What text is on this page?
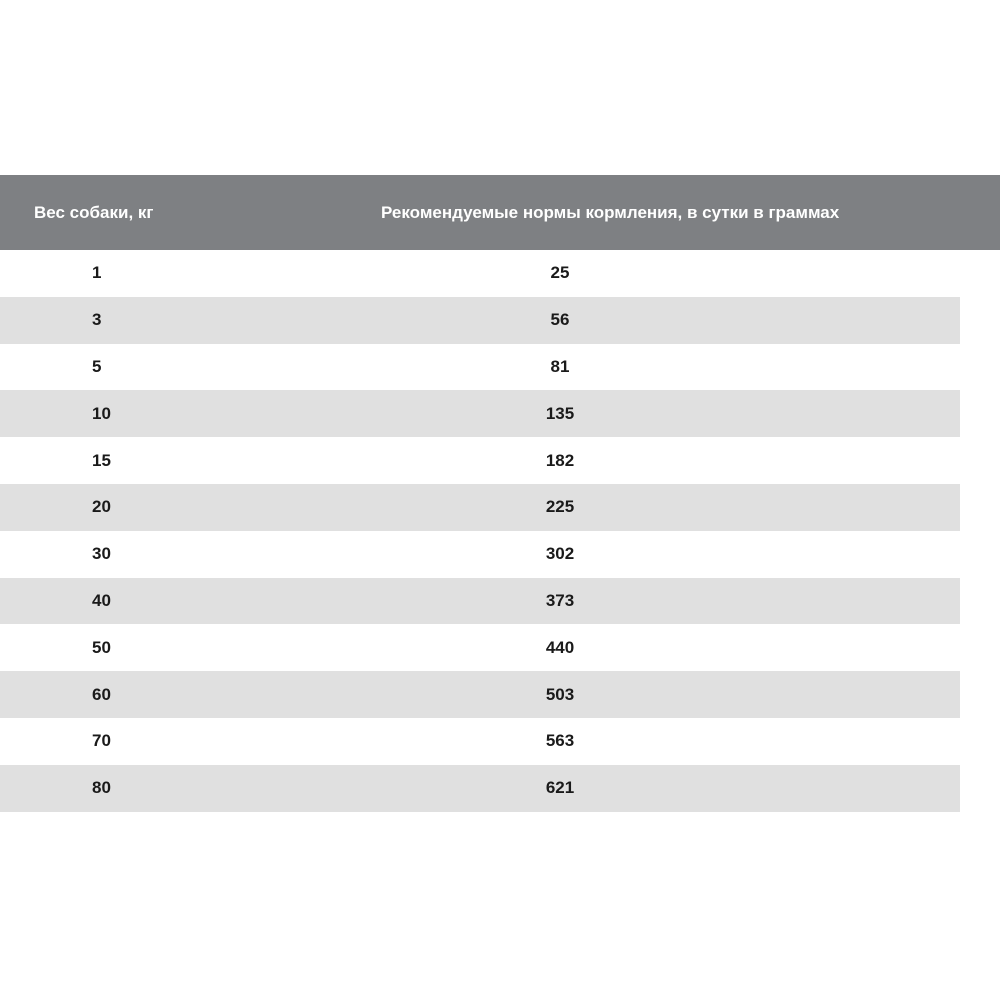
Вес собаки, кг	Рекомендуемые нормы кормления, в сутки в граммах
1	25
3	56
5	81
10	135
15	182
20	225
30	302
40	373
50	440
60	503
70	563
80	621
